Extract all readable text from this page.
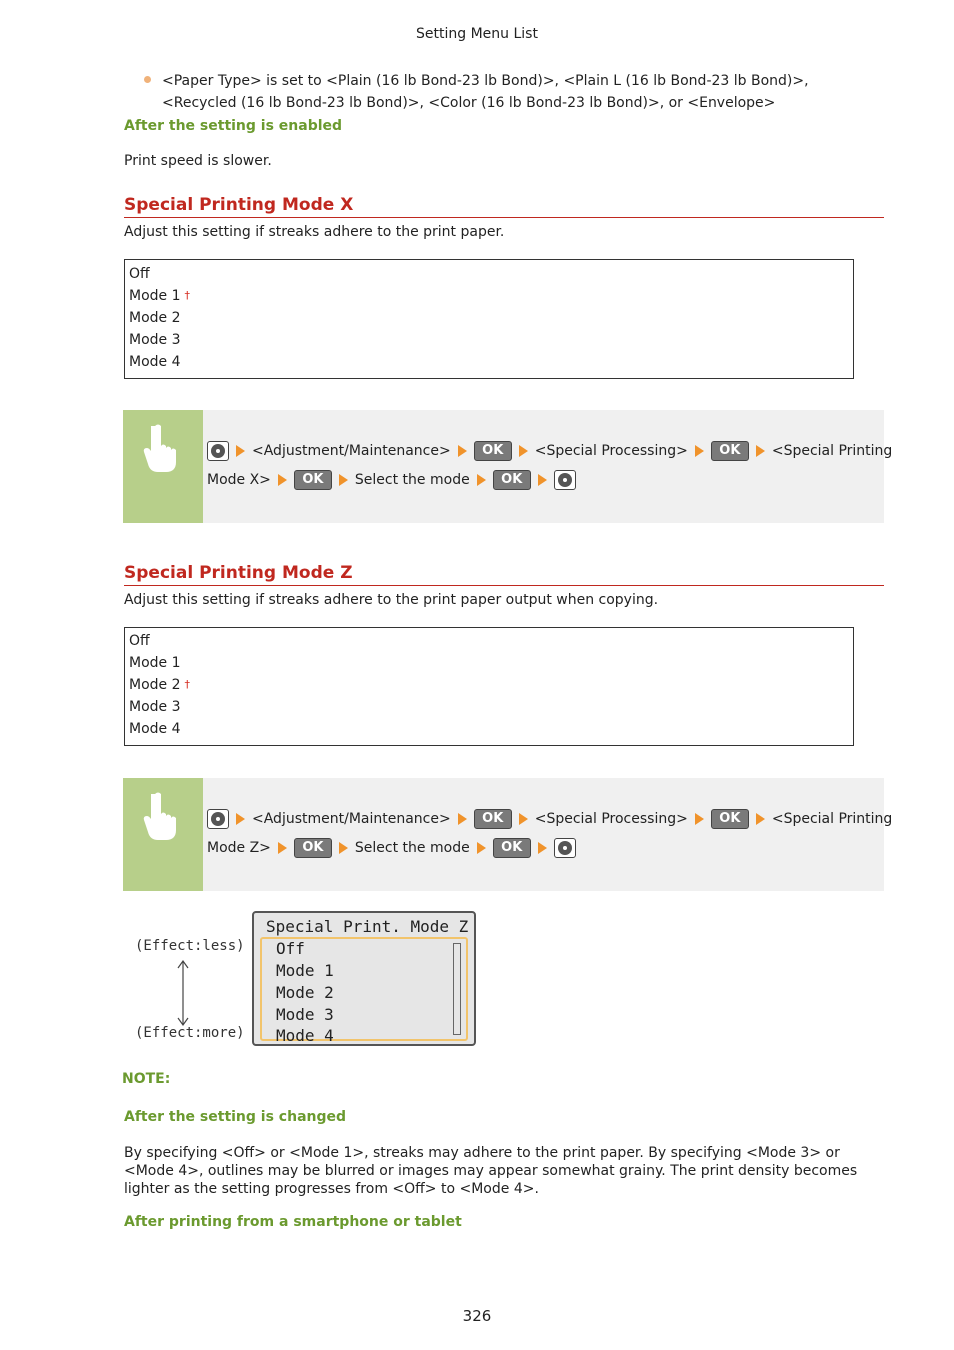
Setting Menu List
<Paper Type> is set to <Plain (16 lb Bond-23 lb Bond)>, <Plain L (16 lb Bond-23 lb Bond)>, <Recycled (16 lb Bond-23 lb Bond)>, <Color (16 lb Bond-23 lb Bond)>, or <Envelope>
After the setting is enabled
Print speed is slower.
Special Printing Mode X
Adjust this setting if streaks adhere to the print paper.
Off
Mode 1 †
Mode 2
Mode 3
Mode 4
<Adjustment/Maintenance>	OK	<Special Processing>	OK	<Special Printing
Mode X>	OK	Select the mode	OK
Special Printing Mode Z
Adjust this setting if streaks adhere to the print paper output when copying.
Off
Mode 1
Mode 2 †
Mode 3
Mode 4
<Adjustment/Maintenance>	OK	<Special Processing>	OK	<Special Printing
Mode Z>	OK	Select the mode	OK
(Effect:less)
(Effect:more)
Special Print. Mode Z
Off
Mode 1
Mode 2
Mode 3
Mode 4
NOTE:
After the setting is changed
By specifying <Off> or <Mode 1>, streaks may adhere to the print paper. By specifying <Mode 3> or <Mode 4>, outlines may be blurred or images may appear somewhat grainy. The print density becomes lighter as the setting progresses from <Off> to <Mode 4>.
After printing from a smartphone or tablet
326
